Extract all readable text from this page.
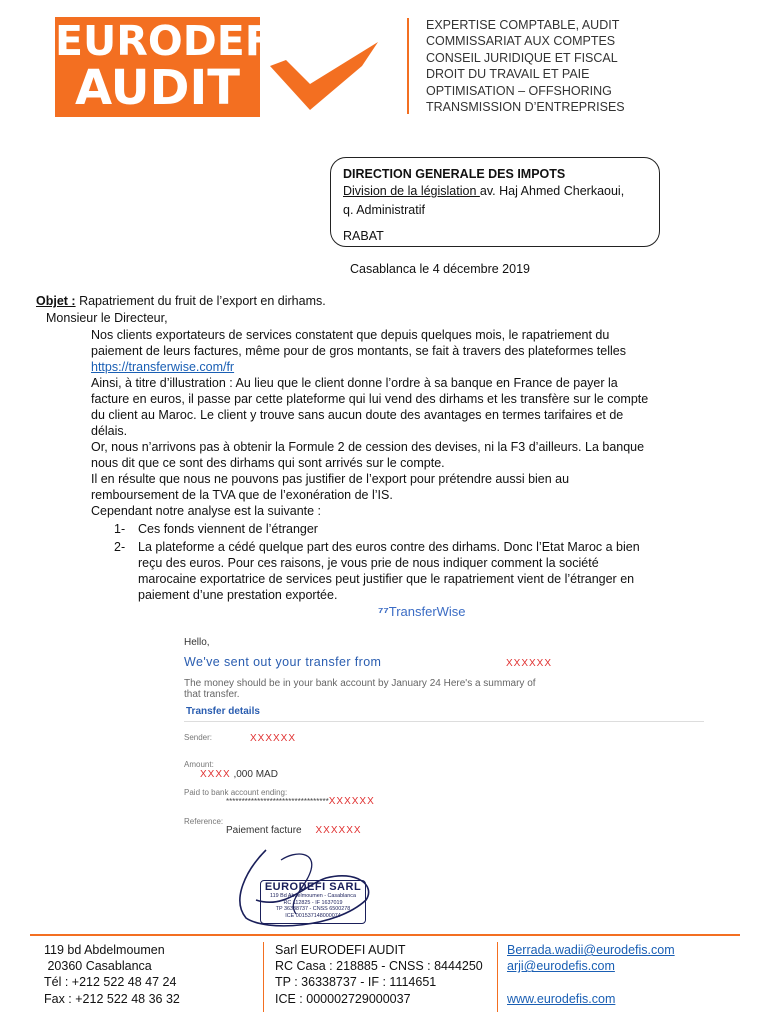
EURODEFI
AUDIT
EXPERTISE COMPTABLE, AUDIT
COMMISSARIAT AUX COMPTES
CONSEIL JURIDIQUE ET FISCAL
DROIT DU TRAVAIL ET PAIE
OPTIMISATION – OFFSHORING
TRANSMISSION D’ENTREPRISES
DIRECTION GENERALE DES IMPOTS
Division de la législation av. Haj Ahmed Cherkaoui,
q. Administratif
RABAT
Casablanca le 4 décembre 2019
Objet : Rapatriement du fruit de l’export en dirhams.
Monsieur le Directeur,
Nos clients exportateurs de services constatent que depuis quelques mois, le rapatriement du
paiement de leurs factures, même pour de gros montants, se fait à travers des plateformes telles
https://transferwise.com/fr
Ainsi, à titre d’illustration : Au lieu que le client donne l’ordre à sa banque en France de payer la
facture en euros, il passe par cette plateforme qui lui vend des dirhams et les transfère sur le compte
du client au Maroc. Le client y trouve sans aucun doute des avantages en termes tarifaires et de
délais.
Or, nous n’arrivons pas à obtenir la Formule 2 de cession des devises, ni la F3 d’ailleurs. La banque
nous dit que ce sont des dirhams qui sont arrivés sur le compte.
Il en résulte que nous ne pouvons pas justifier de l’export pour prétendre aussi bien au
remboursement de la TVA que de l’exonération de l’IS.
Cependant notre analyse est la suivante :
1- Ces fonds viennent de l’étranger
2- La plateforme a cédé quelque part des euros contre des dirhams. Donc l’Etat Maroc a bien
reçu des euros. Pour ces raisons, je vous prie de nous indiquer comment la société
marocaine exportatrice de services peut justifier que le rapatriement vient de l’étranger en
paiement d’une prestation exportée.
⁷⁷TransferWise
Hello,
We've sent out your transfer from	XXXXXX
The money should be in your bank account by January 24 Here's a summary of
that transfer.
Transfer details
Sender:	XXXXXX
Amount:
XXXX ,000 MAD
Paid to bank account ending:
*********************************XXXXXX
Reference:
Paiement facture XXXXXX
EURODEFI SARL
119 Bd Abdelmoumen - Casablanca
RC 112825 - IF 1637019
TP 36338737 - CNSS 6500278
ICE 001537148000074
119 bd Abdelmoumen
20360 Casablanca
Tél : +212 522 48 47 24
Fax : +212 522 48 36 32
Sarl EURODEFI AUDIT
RC Casa : 218885 - CNSS : 8444250
TP : 36338737 - IF : 1114651
ICE : 000002729000037
Berrada.wadii@eurodefis.com
arji@eurodefis.com
www.eurodefis.com
